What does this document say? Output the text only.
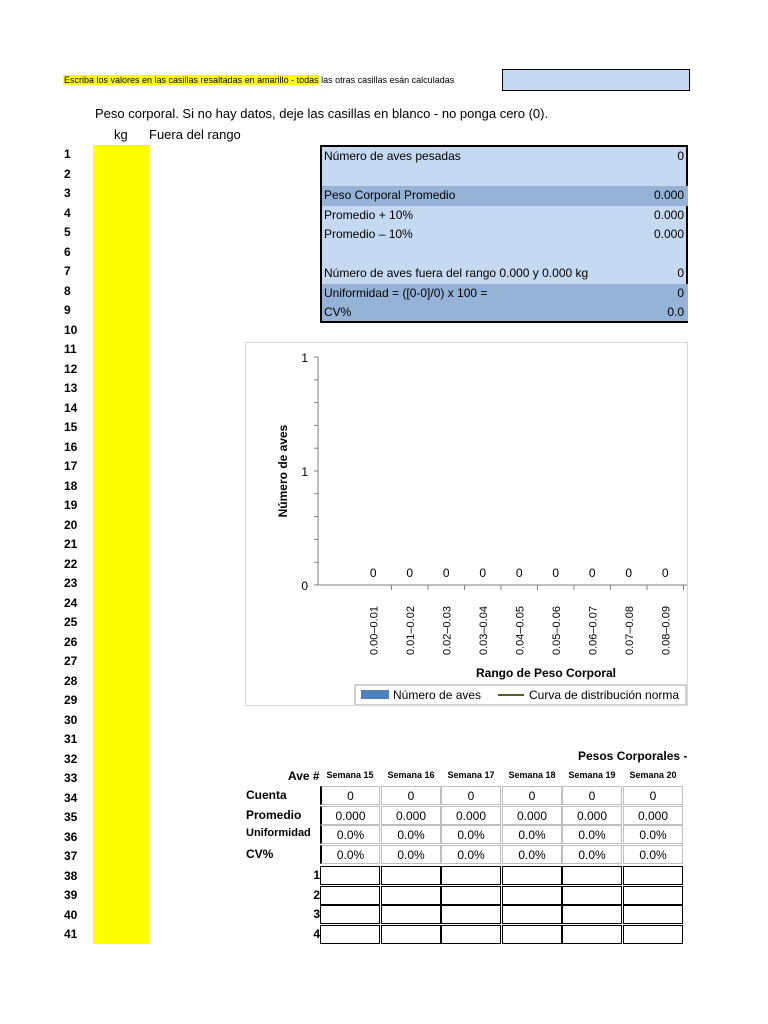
Escriba los valores en las casillas resaltadas en amarillo - todas las otras casillas esán calculadas
Peso corporal. Si no hay datos, deje las casillas en blanco - no ponga cero (0).
kg Fuera del rango
1
2
3
4
5
6
7
8
9
10
11
12
13
14
15
16
17
18
19
20
21
22
23
24
25
26
27
28
29
30
31
32
33
34
35
36
37
38
39
40
41
Número de aves pesadas	0
Peso Corporal Promedio	0.000
Promedio + 10%	0.000
Promedio – 10%	0.000
Número de aves fuera del rango 0.000 y 0.000 kg	0
Uniformidad = ([0-0]/0) x 100 =	0
CV%	0.0
1
1
0
Número de aves
0
0.00–0.01
0
0.01–0.02
0
0.02–0.03
0
0.03–0.04
0
0.04–0.05
0
0.05–0.06
0
0.06–0.07
0
0.07–0.08
0
0.08–0.09
Rango de Peso Corporal
Número de aves	Curva de distribución norma
Pesos Corporales -
Ave # Semana 15	Semana 16	Semana 17	Semana 18	Semana 19	Semana 20
Cuenta	0	0	0	0	0	0
Promedio	0.000	0.000	0.000	0.000	0.000	0.000
Uniformidad	0.0%	0.0%	0.0%	0.0%	0.0%	0.0%
CV%	0.0%	0.0%	0.0%	0.0%	0.0%	0.0%
1
2
3
4
